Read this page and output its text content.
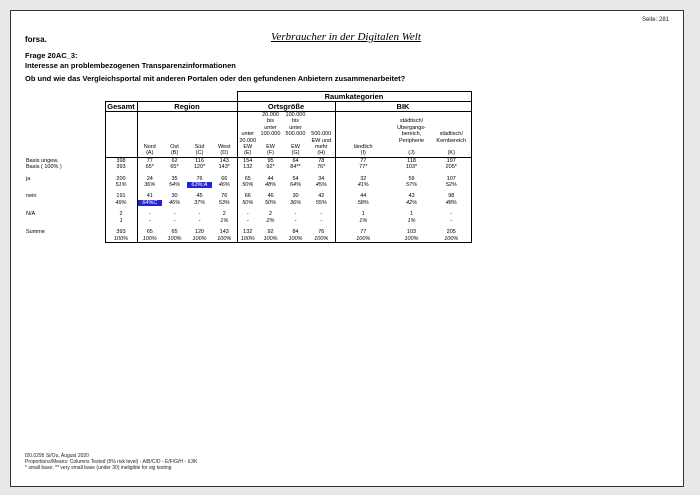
Seite: 281
forsa.	Verbraucher in der Digitalen Welt
Frage 20AC_3:
Interesse an problembezogenen Transparenzinformationen
Ob und wie das Vergleichsportal mit anderen Portalen oder den gefundenen Anbietern zusammenarbeitet?
						Raumkategorien						
	Gesamt	Region				Ortsgröße				BIK		
							20.000	100.000				
							bis	bis			städtisch/	
							unter	unter			Übergangs-	
						unter	100.000	500.000	500.000		bereich,	städtisch/
						20.000			EW und		Peripherie	Kernbereich
		Nord	Ost	Süd	West	EW	EW	EW	mehr	ländlich		
		(A)	(B)	(C)	(D)	(E)	(F)	(G)	(H)	(I)	(J)	(K)
Basis ungew.	398	77	62	116	143	154	95	64	78	77	118	197
Basis ( 100% )	393	65*	65*	120*	143*	132	92*	84**	76*	77*	103*	205*
ja	200	24	35	76	66	65	44	54	34	32	59	107
	51%	36%	54%	63%:A	46%	50%	48%	64%	45%	41%	57%	52%
nein	191	41	30	45	76	66	46	30	42	44	43	98
	49%	64%C	46%	37%	53%	50%	50%	36%	55%	58%	42%	48%
N/A	2	-	-	-	2	-	2	-	-	1	1	-
	1	-	-	-	1%	-	2%	-	-	1%	1%	-
Summe	393	65	65	120	143	132	92	84	76	77	103	205
	100%	100%	100%	100%	100%	100%	100%	100%	100%	100%	100%	100%
f20.0295 Si/Ou, August 2020
Proportions/Means: Columns Tested (5% risk level) - A/B/C/D - E/F/G/H - I/J/K
* small base; ** very small base (under 30) ineligible for sig testing
